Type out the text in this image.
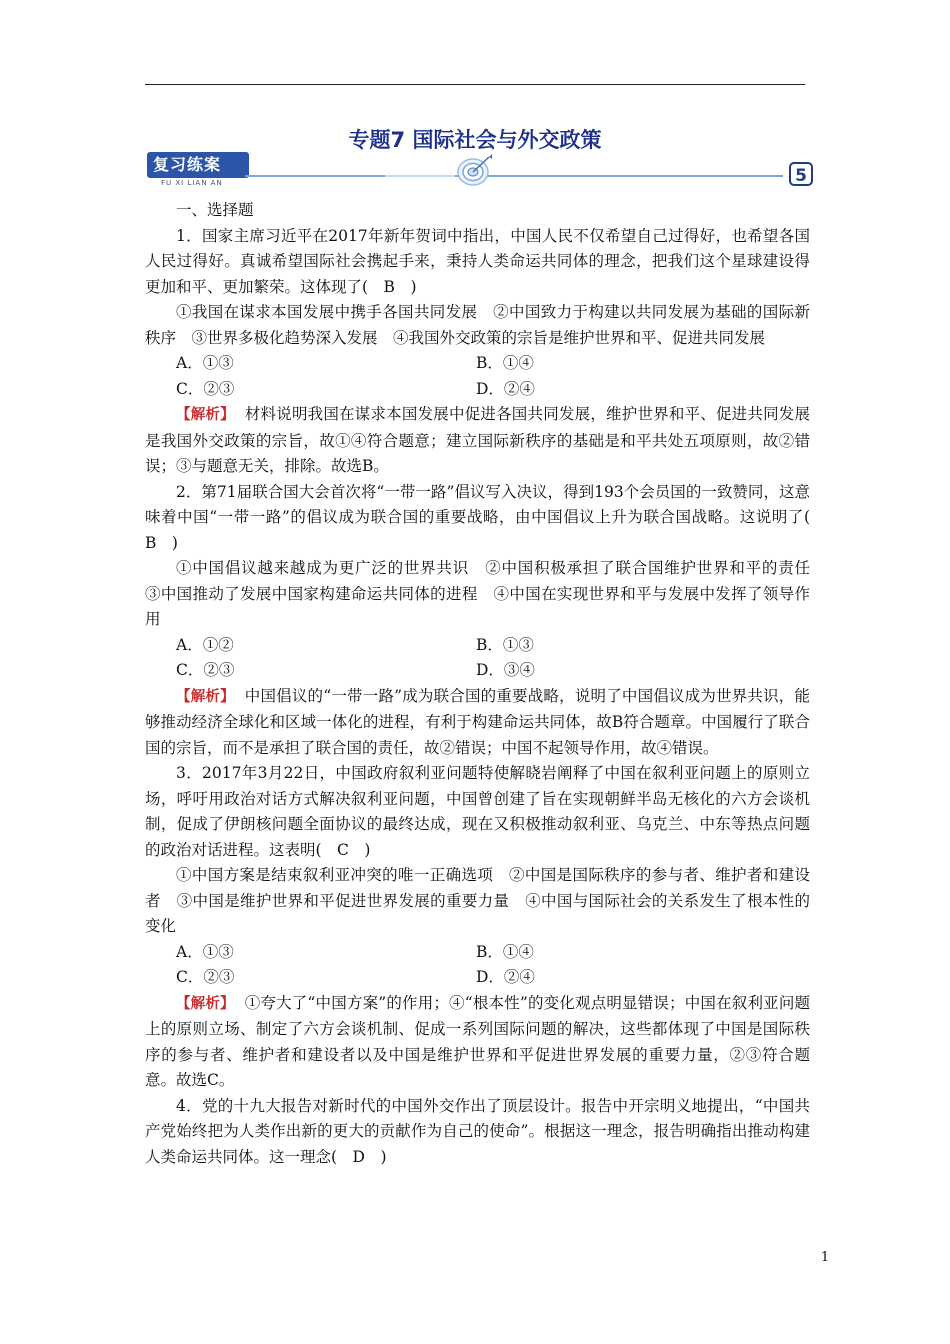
专题7 国际社会与外交政策
复习练案
FU XI LIAN AN	5

一、选择题

1．国家主席习近平在2017年新年贺词中指出，中国人民不仅希望自己过得好，也希望各国人民过得好。真诚希望国际社会携起手来，秉持人类命运共同体的理念，把我们这个星球建设得更加和平、更加繁荣。这体现了(　B　)

①我国在谋求本国发展中携手各国共同发展　②中国致力于构建以共同发展为基础的国际新秩序　③世界多极化趋势深入发展　④我国外交政策的宗旨是维护世界和平、促进共同发展

A．①③	B．①④
C．②③	D．②④

【解析】 材料说明我国在谋求本国发展中促进各国共同发展，维护世界和平、促进共同发展是我国外交政策的宗旨，故①④符合题意；建立国际新秩序的基础是和平共处五项原则，故②错误；③与题意无关，排除。故选B。

2．第71届联合国大会首次将“一带一路”倡议写入决议，得到193个会员国的一致赞同，这意味着中国“一带一路”的倡议成为联合国的重要战略，由中国倡议上升为联合国战略。这说明了(　B　)

①中国倡议越来越成为更广泛的世界共识　②中国积极承担了联合国维护世界和平的责任　③中国推动了发展中国家构建命运共同体的进程　④中国在实现世界和平与发展中发挥了领导作用

A．①②	B．①③
C．②③	D．③④

【解析】 中国倡议的“一带一路”成为联合国的重要战略，说明了中国倡议成为世界共识，能够推动经济全球化和区域一体化的进程，有利于构建命运共同体，故B符合题章。中国履行了联合国的宗旨，而不是承担了联合国的责任，故②错误；中国不起领导作用，故④错误。

3．2017年3月22日，中国政府叙利亚问题特使解晓岩阐释了中国在叙利亚问题上的原则立场，呼吁用政治对话方式解决叙利亚问题，中国曾创建了旨在实现朝鲜半岛无核化的六方会谈机制，促成了伊朗核问题全面协议的最终达成，现在又积极推动叙利亚、乌克兰、中东等热点问题的政治对话进程。这表明(　C　)

①中国方案是结束叙利亚冲突的唯一正确选项　②中国是国际秩序的参与者、维护者和建设者　③中国是维护世界和平促进世界发展的重要力量　④中国与国际社会的关系发生了根本性的变化

A．①③	B．①④
C．②③	D．②④

【解析】 ①夸大了“中国方案”的作用；④“根本性”的变化观点明显错误；中国在叙利亚问题上的原则立场、制定了六方会谈机制、促成一系列国际问题的解决，这些都体现了中国是国际秩序的参与者、维护者和建设者以及中国是维护世界和平促进世界发展的重要力量，②③符合题意。故选C。

4．党的十九大报告对新时代的中国外交作出了顶层设计。报告中开宗明义地提出，“中国共产党始终把为人类作出新的更大的贡献作为自己的使命”。根据这一理念，报告明确指出推动构建人类命运共同体。这一理念(　D　)

1
